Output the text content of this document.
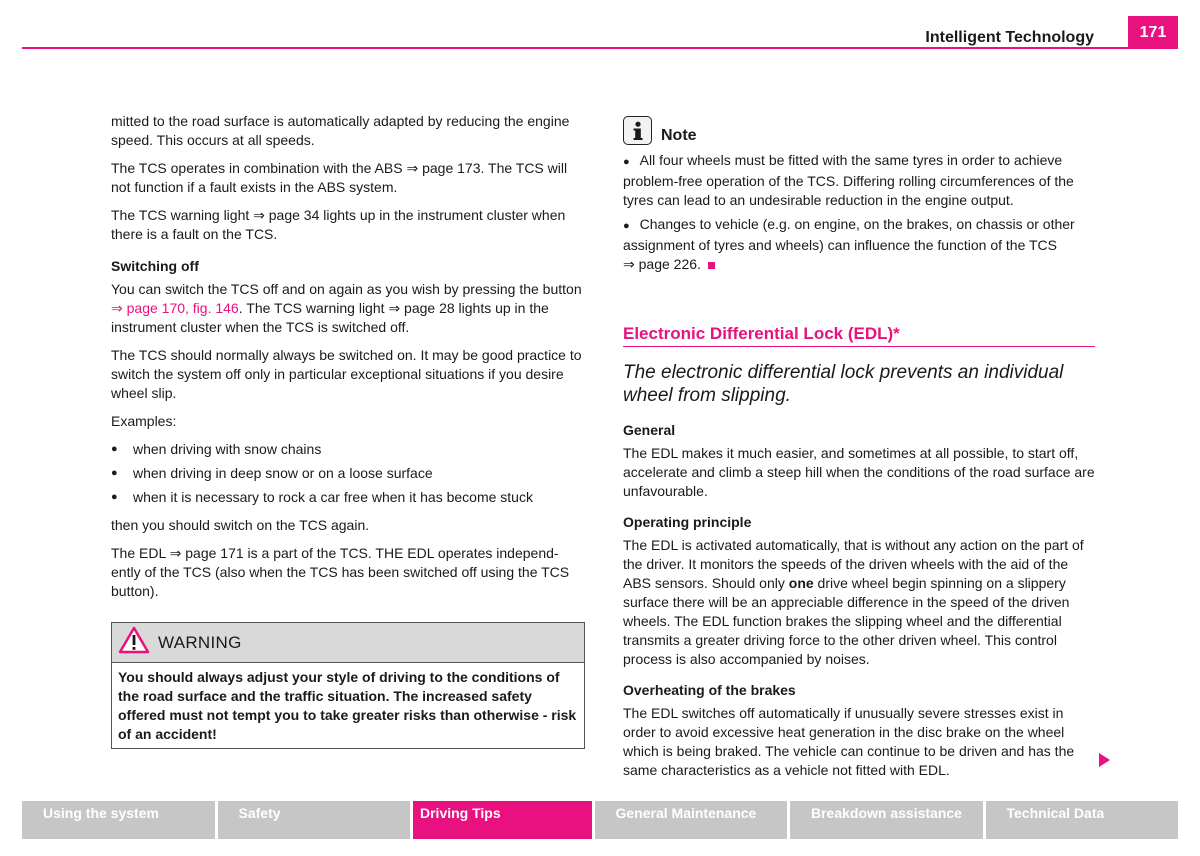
Intelligent Technology	171

mitted to the road surface is automatically adapted by reducing the engine speed. This occurs at all speeds.

The TCS operates in combination with the ABS ⇒ page 173. The TCS will not function if a fault exists in the ABS system.

The TCS warning light ⇒ page 34 lights up in the instrument cluster when there is a fault on the TCS.

Switching off

You can switch the TCS off and on again as you wish by pressing the button ⇒ page 170, fig. 146. The TCS warning light ⇒ page 28 lights up in the instrument cluster when the TCS is switched off.

The TCS should normally always be switched on. It may be good practice to switch the system off only in particular exceptional situations if you desire wheel slip.

Examples:

● when driving with snow chains
● when driving in deep snow or on a loose surface
● when it is necessary to rock a car free when it has become stuck

then you should switch on the TCS again.

The EDL ⇒ page 171 is a part of the TCS. THE EDL operates independ-ently of the TCS (also when the TCS has been switched off using the TCS button).

WARNING
You should always adjust your style of driving to the conditions of the road surface and the traffic situation. The increased safety offered must not tempt you to take greater risks than otherwise - risk of an accident!
Note
● All four wheels must be fitted with the same tyres in order to achieve problem-free operation of the TCS. Differing rolling circumferences of the tyres can lead to an undesirable reduction in the engine output.
● Changes to vehicle (e.g. on engine, on the brakes, on chassis or other assignment of tyres and wheels) can influence the function of the TCS
⇒ page 226.
Electronic Differential Lock (EDL)*
The electronic differential lock prevents an individual wheel from slipping.
General

The EDL makes it much easier, and sometimes at all possible, to start off, accelerate and climb a steep hill when the conditions of the road surface are unfavourable.

Operating principle

The EDL is activated automatically, that is without any action on the part of the driver. It monitors the speeds of the driven wheels with the aid of the ABS sensors. Should only one drive wheel begin spinning on a slippery surface there will be an appreciable difference in the speed of the driven wheels. The EDL function brakes the slipping wheel and the differential transmits a greater driving force to the other driven wheel. This control process is also accompanied by noises.

Overheating of the brakes

The EDL switches off automatically if unusually severe stresses exist in order to avoid excessive heat generation in the disc brake on the wheel which is being braked. The vehicle can continue to be driven and has the same characteristics as a vehicle not fitted with EDL.

Using the system	Safety	Driving Tips	General Maintenance	Breakdown assistance	Technical Data
